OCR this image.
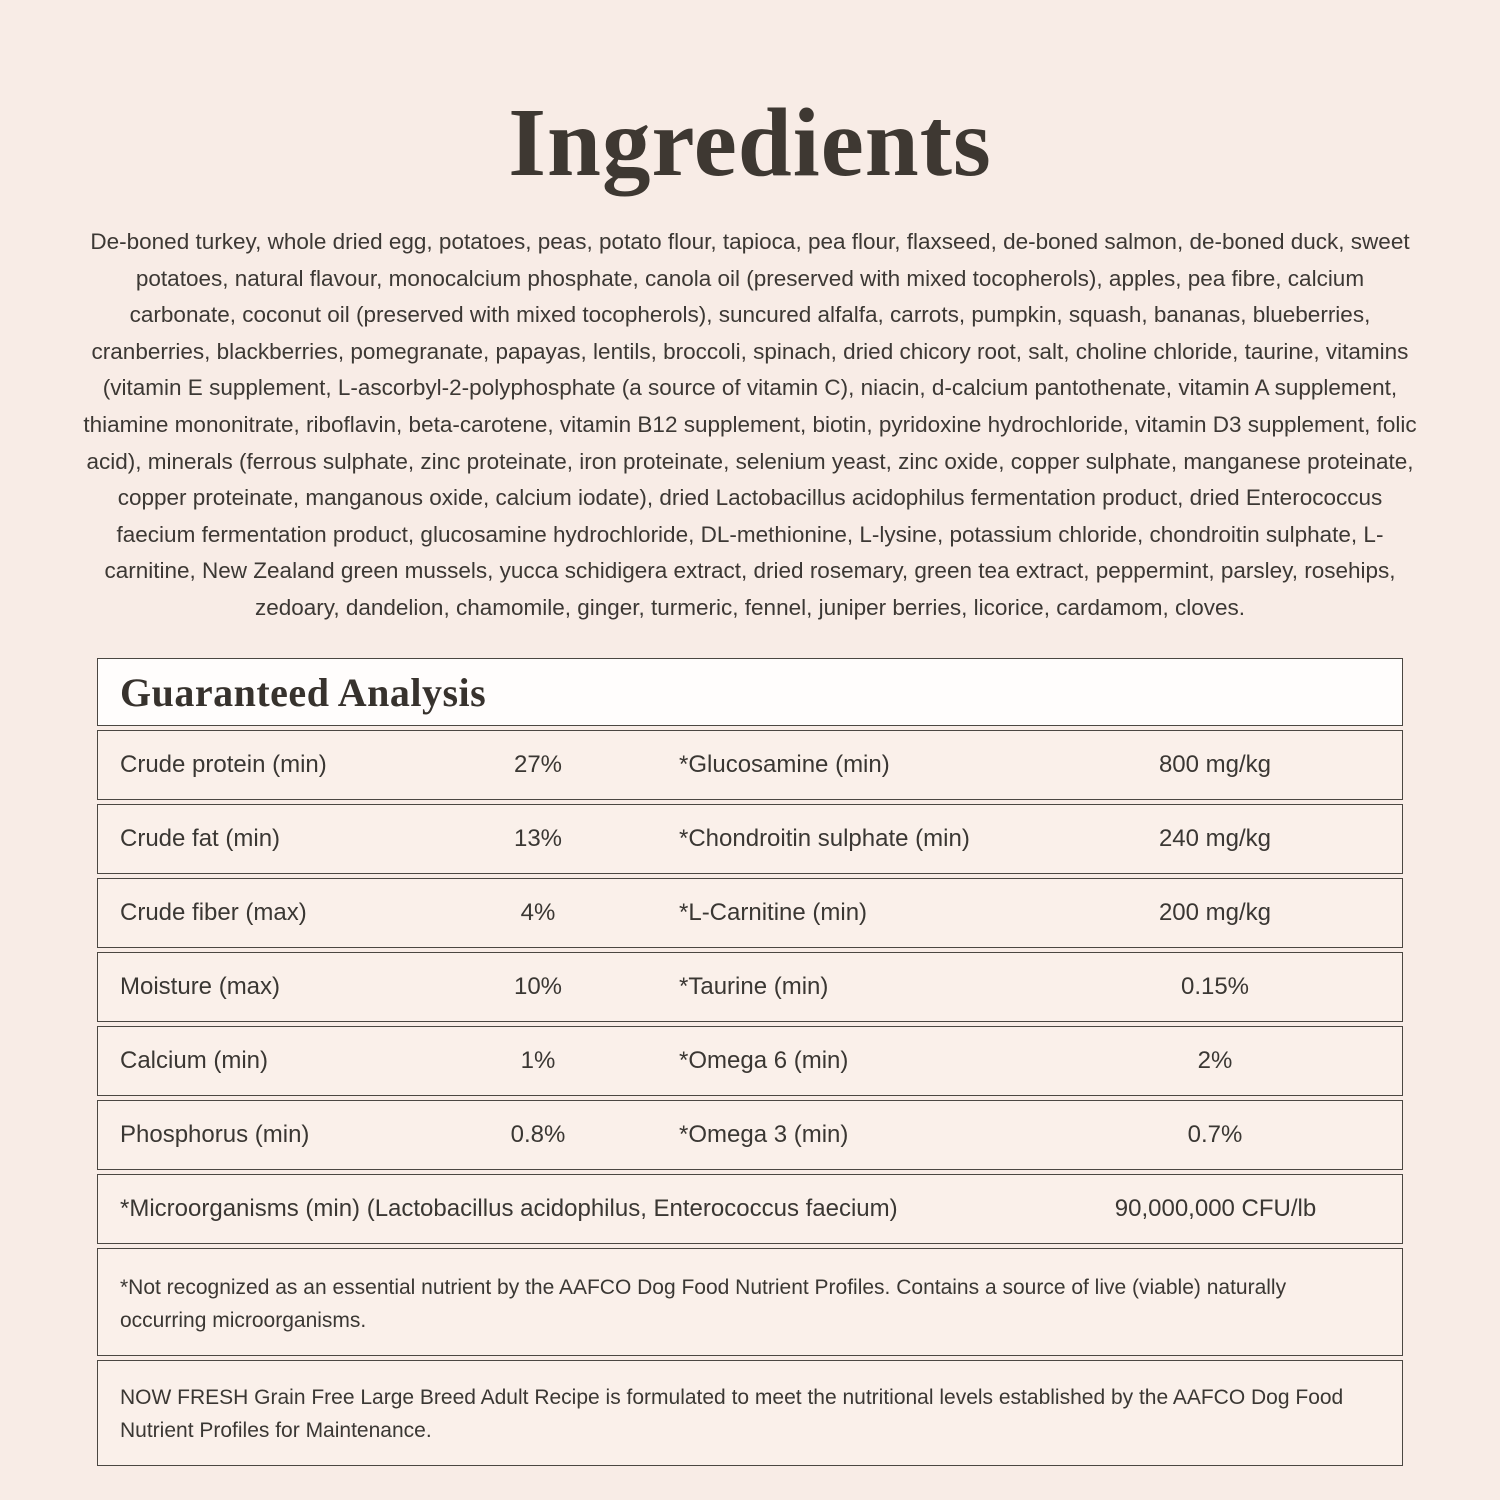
Ingredients

De-boned turkey, whole dried egg, potatoes, peas, potato flour, tapioca, pea flour, flaxseed, de-boned salmon, de-boned duck, sweet potatoes, natural flavour, monocalcium phosphate, canola oil (preserved with mixed tocopherols), apples, pea fibre, calcium carbonate, coconut oil (preserved with mixed tocopherols), suncured alfalfa, carrots, pumpkin, squash, bananas, blueberries, cranberries, blackberries, pomegranate, papayas, lentils, broccoli, spinach, dried chicory root, salt, choline chloride, taurine, vitamins (vitamin E supplement, L-ascorbyl-2-polyphosphate (a source of vitamin C), niacin, d-calcium pantothenate, vitamin A supplement, thiamine mononitrate, riboflavin, beta-carotene, vitamin B12 supplement, biotin, pyridoxine hydrochloride, vitamin D3 supplement, folic acid), minerals (ferrous sulphate, zinc proteinate, iron proteinate, selenium yeast, zinc oxide, copper sulphate, manganese proteinate, copper proteinate, manganous oxide, calcium iodate), dried Lactobacillus acidophilus fermentation product, dried Enterococcus faecium fermentation product, glucosamine hydrochloride, DL-methionine, L-lysine, potassium chloride, chondroitin sulphate, L-carnitine, New Zealand green mussels, yucca schidigera extract, dried rosemary, green tea extract, peppermint, parsley, rosehips, zedoary, dandelion, chamomile, ginger, turmeric, fennel, juniper berries, licorice, cardamom, cloves.

Guaranteed Analysis
Crude protein (min)	27%	*Glucosamine (min)	800 mg/kg
Crude fat (min)	13%	*Chondroitin sulphate (min)	240 mg/kg
Crude fiber (max)	4%	*L-Carnitine (min)	200 mg/kg
Moisture (max)	10%	*Taurine (min)	0.15%
Calcium (min)	1%	*Omega 6 (min)	2%
Phosphorus (min)	0.8%	*Omega 3 (min)	0.7%
*Microorganisms (min) (Lactobacillus acidophilus, Enterococcus faecium)	90,000,000 CFU/lb
*Not recognized as an essential nutrient by the AAFCO Dog Food Nutrient Profiles. Contains a source of live (viable) naturally occurring microorganisms.
NOW FRESH Grain Free Large Breed Adult Recipe is formulated to meet the nutritional levels established by the AAFCO Dog Food Nutrient Profiles for Maintenance.
